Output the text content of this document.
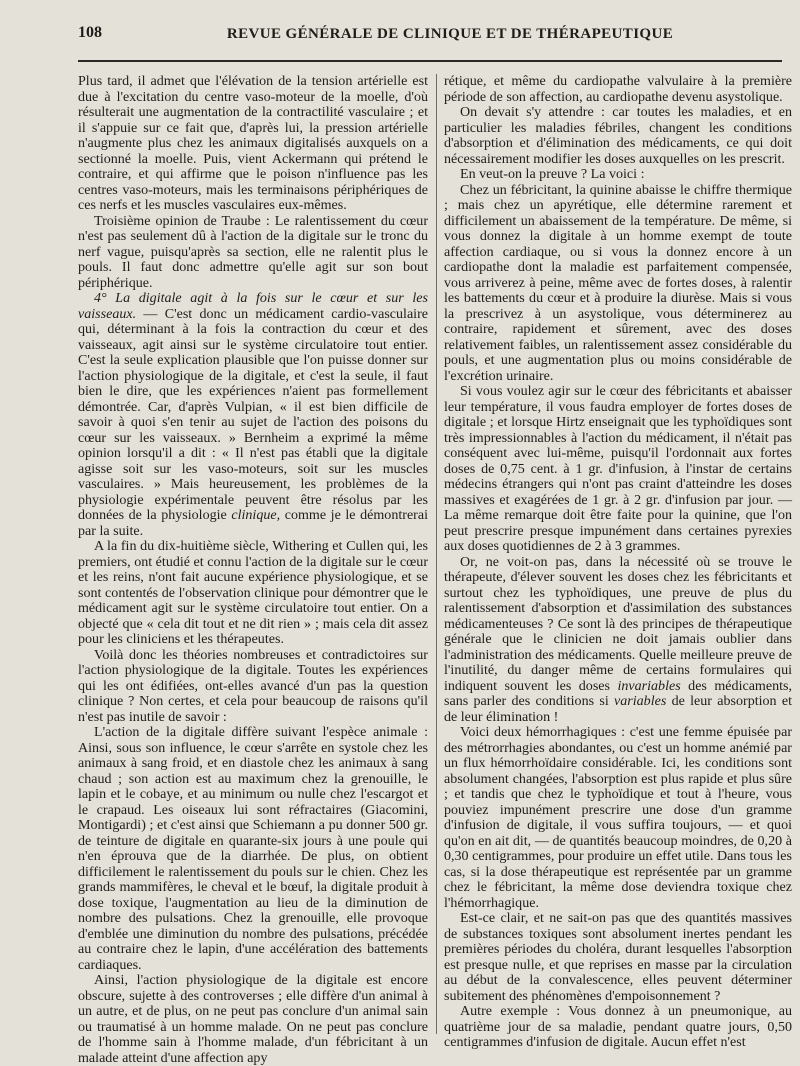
108	REVUE GÉNÉRALE DE CLINIQUE ET DE THÉRAPEUTIQUE

Plus tard, il admet que l'élévation de la tension artérielle est due à l'excitation du centre vaso-moteur de la moelle, d'où résulterait une augmentation de la contractilité vasculaire ; et il s'appuie sur ce fait que, d'après lui, la pression artérielle n'augmente plus chez les animaux digitalisés auxquels on a sectionné la moelle. Puis, vient Ackermann qui prétend le contraire, et qui affirme que le poison n'influence pas les centres vaso-moteurs, mais les terminaisons périphériques de ces nerfs et les muscles vasculaires eux-mêmes.

Troisième opinion de Traube : Le ralentissement du cœur n'est pas seulement dû à l'action de la digitale sur le tronc du nerf vague, puisqu'après sa section, elle ne ralentit plus le pouls. Il faut donc admettre qu'elle agit sur son bout périphérique.

4° La digitale agit à la fois sur le cœur et sur les vaisseaux. — C'est donc un médicament cardio-vasculaire qui, déterminant à la fois la contraction du cœur et des vaisseaux, agit ainsi sur le système circulatoire tout entier. C'est la seule explication plausible que l'on puisse donner sur l'action physiologique de la digitale, et c'est la seule, il faut bien le dire, que les expériences n'aient pas formellement démontrée. Car, d'après Vulpian, « il est bien difficile de savoir à quoi s'en tenir au sujet de l'action des poisons du cœur sur les vaisseaux. » Bernheim a exprimé la même opinion lorsqu'il a dit : « Il n'est pas établi que la digitale agisse soit sur les vaso-moteurs, soit sur les muscles vasculaires. » Mais heureusement, les problèmes de la physiologie expérimentale peuvent être résolus par les données de la physiologie clinique, comme je le démontrerai par la suite.

A la fin du dix-huitième siècle, Withering et Cullen qui, les premiers, ont étudié et connu l'action de la digitale sur le cœur et les reins, n'ont fait aucune expérience physiologique, et se sont contentés de l'observation clinique pour démontrer que le médicament agit sur le système circulatoire tout entier. On a objecté que « cela dit tout et ne dit rien » ; mais cela dit assez pour les cliniciens et les thérapeutes.

Voilà donc les théories nombreuses et contradictoires sur l'action physiologique de la digitale. Toutes les expériences qui les ont édifiées, ont-elles avancé d'un pas la question clinique ? Non certes, et cela pour beaucoup de raisons qu'il n'est pas inutile de savoir :

L'action de la digitale diffère suivant l'espèce animale : Ainsi, sous son influence, le cœur s'arrête en systole chez les animaux à sang froid, et en diastole chez les animaux à sang chaud ; son action est au maximum chez la grenouille, le lapin et le cobaye, et au minimum ou nulle chez l'escargot et le crapaud. Les oiseaux lui sont réfractaires (Giacomini, Montigardi) ; et c'est ainsi que Schiemann a pu donner 500 gr. de teinture de digitale en quarante-six jours à une poule qui n'en éprouva que de la diarrhée. De plus, on obtient difficilement le ralentissement du pouls sur le chien. Chez les grands mammifères, le cheval et le bœuf, la digitale produit à dose toxique, l'augmentation au lieu de la diminution de nombre des pulsations. Chez la grenouille, elle provoque d'emblée une diminution du nombre des pulsations, précédée au contraire chez le lapin, d'une accélération des battements cardiaques.

Ainsi, l'action physiologique de la digitale est encore obscure, sujette à des controverses ; elle diffère d'un animal à un autre, et de plus, on ne peut pas conclure d'un animal sain ou traumatisé à un homme malade. On ne peut pas conclure de l'homme sain à l'homme malade, d'un fébricitant à un malade atteint d'une affection apy

rétique, et même du cardiopathe valvulaire à la première période de son affection, au cardiopathe devenu asystolique.

On devait s'y attendre : car toutes les maladies, et en particulier les maladies fébriles, changent les conditions d'absorption et d'élimination des médicaments, ce qui doit nécessairement modifier les doses auxquelles on les prescrit.

En veut-on la preuve ? La voici :

Chez un fébricitant, la quinine abaisse le chiffre thermique ; mais chez un apyrétique, elle détermine rarement et difficilement un abaissement de la température. De même, si vous donnez la digitale à un homme exempt de toute affection cardiaque, ou si vous la donnez encore à un cardiopathe dont la maladie est parfaitement compensée, vous arriverez à peine, même avec de fortes doses, à ralentir les battements du cœur et à produire la diurèse. Mais si vous la prescrivez à un asystolique, vous déterminerez au contraire, rapidement et sûrement, avec des doses relativement faibles, un ralentissement assez considérable du pouls, et une augmentation plus ou moins considérable de l'excrétion urinaire.

Si vous voulez agir sur le cœur des fébricitants et abaisser leur température, il vous faudra employer de fortes doses de digitale ; et lorsque Hirtz enseignait que les typhoïdiques sont très impressionnables à l'action du médicament, il n'était pas conséquent avec lui-même, puisqu'il l'ordonnait aux fortes doses de 0,75 cent. à 1 gr. d'infusion, à l'instar de certains médecins étrangers qui n'ont pas craint d'atteindre les doses massives et exagérées de 1 gr. à 2 gr. d'infusion par jour. — La même remarque doit être faite pour la quinine, que l'on peut prescrire presque impunément dans certaines pyrexies aux doses quotidiennes de 2 à 3 grammes.

Or, ne voit-on pas, dans la nécessité où se trouve le thérapeute, d'élever souvent les doses chez les fébricitants et surtout chez les typhoïdiques, une preuve de plus du ralentissement d'absorption et d'assimilation des substances médicamenteuses ? Ce sont là des principes de thérapeutique générale que le clinicien ne doit jamais oublier dans l'administration des médicaments. Quelle meilleure preuve de l'inutilité, du danger même de certains formulaires qui indiquent souvent les doses invariables des médicaments, sans parler des conditions si variables de leur absorption et de leur élimination !

Voici deux hémorrhagiques : c'est une femme épuisée par des métrorrhagies abondantes, ou c'est un homme anémié par un flux hémorrhoïdaire considérable. Ici, les conditions sont absolument changées, l'absorption est plus rapide et plus sûre ; et tandis que chez le typhoïdique et tout à l'heure, vous pouviez impunément prescrire une dose d'un gramme d'infusion de digitale, il vous suffira toujours, — et quoi qu'on en ait dit, — de quantités beaucoup moindres, de 0,20 à 0,30 centigrammes, pour produire un effet utile. Dans tous les cas, si la dose thérapeutique est représentée par un gramme chez le fébricitant, la même dose deviendra toxique chez l'hémorrhagique.

Est-ce clair, et ne sait-on pas que des quantités massives de substances toxiques sont absolument inertes pendant les premières périodes du choléra, durant lesquelles l'absorption est presque nulle, et que reprises en masse par la circulation au début de la convalescence, elles peuvent déterminer subitement des phénomènes d'empoisonnement ?

Autre exemple : Vous donnez à un pneumonique, au quatrième jour de sa maladie, pendant quatre jours, 0,50 centigrammes d'infusion de digitale. Aucun effet n'est
